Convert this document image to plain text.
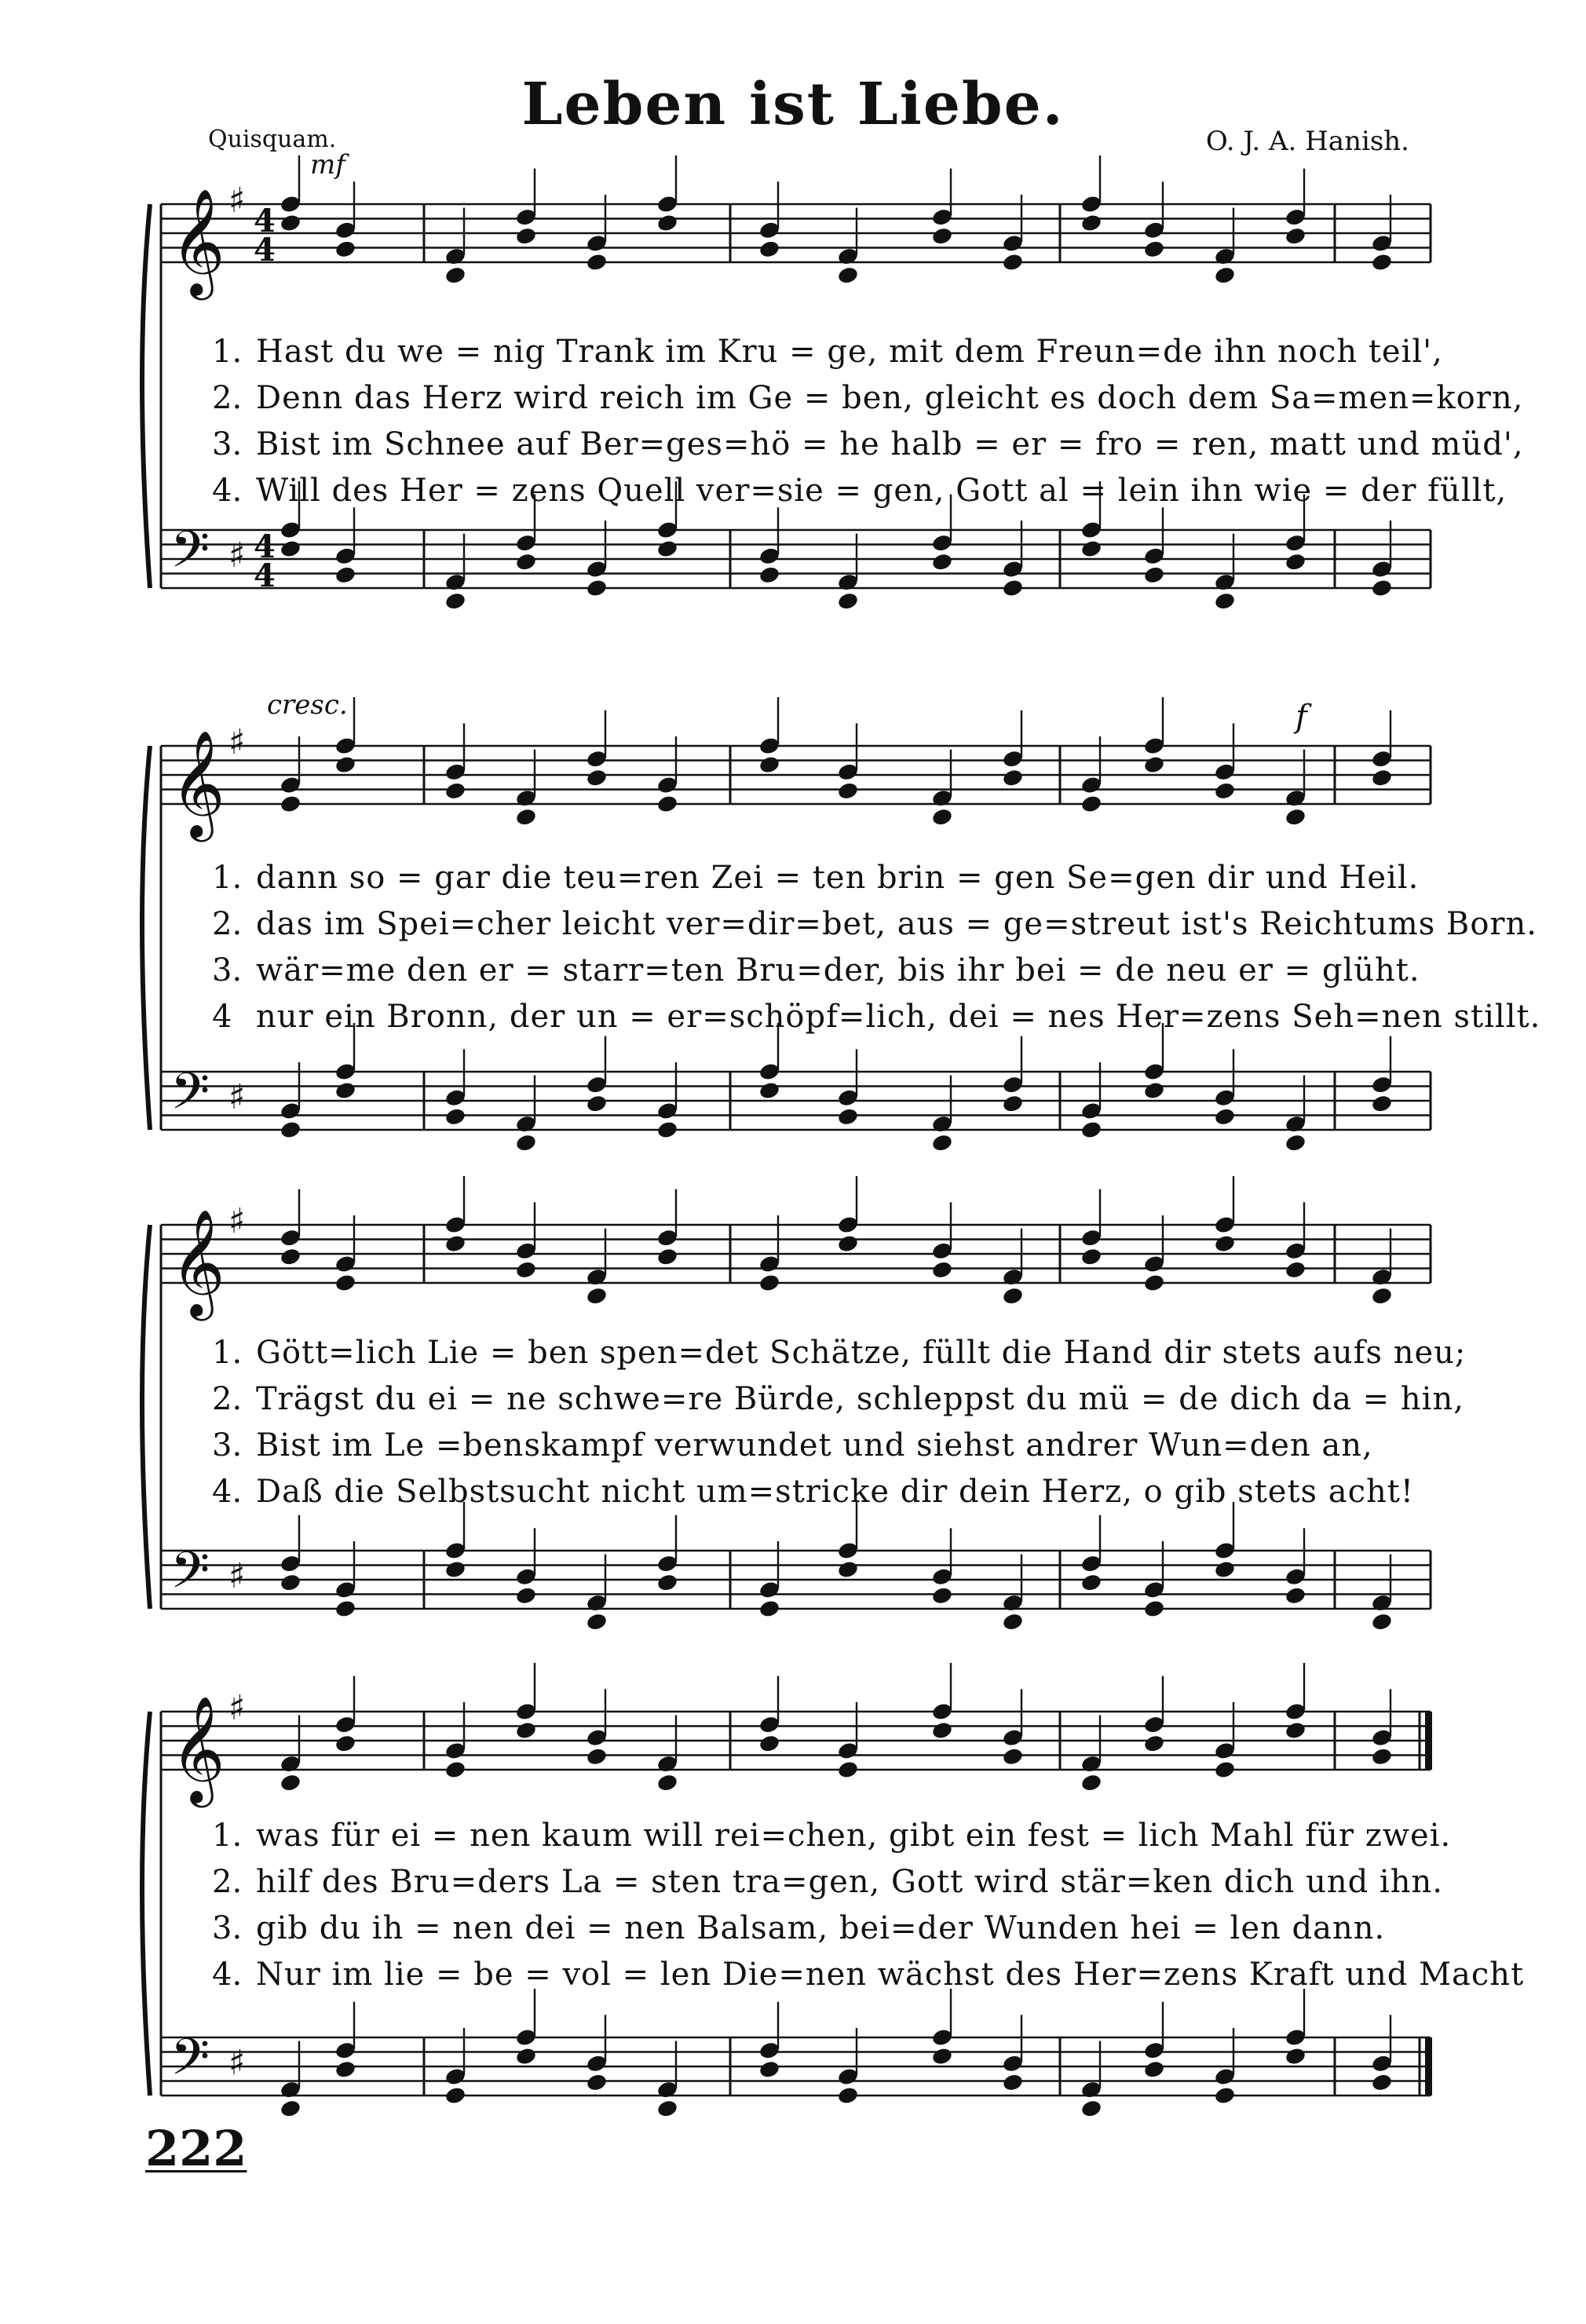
Leben ist Liebe.
Quisquam.	O. J. A. Hanish.
mf
cresc.	f
𝄞 ♯
4
4
𝄢 ♯ 4
4
1. Hast du we = nig Trank im Kru = ge, mit dem Freun=de ihn noch teil',
2. Denn das Herz wird reich im Ge = ben, gleicht es doch dem Sa=men=korn,
3. Bist im Schnee auf Ber=ges=hö = he halb = er = fro = ren, matt und müd',
4. Will des Her = zens Quell ver=sie = gen, Gott al = lein ihn wie = der füllt,
𝄞 ♯
𝄢 ♯
1. dann so = gar die teu=ren Zei = ten brin = gen Se=gen dir und Heil.
2. das im Spei=cher leicht ver=dir=bet, aus = ge=streut ist's Reichtums Born.
3. wär=me den er = starr=ten Bru=der, bis ihr bei = de neu er = glüht.
4 nur ein Bronn, der un = er=schöpf=lich, dei = nes Her=zens Seh=nen stillt.
𝄞 ♯
𝄢 ♯
1. Gött=lich Lie = ben spen=det Schätze, füllt die Hand dir stets aufs neu;
2. Trägst du ei = ne schwe=re Bürde, schleppst du mü = de dich da = hin,
3. Bist im Le =benskampf verwundet und siehst andrer Wun=den an,
4. Daß die Selbstsucht nicht um=stricke dir dein Herz, o gib stets acht!
𝄞 ♯
𝄢 ♯
1. was für ei = nen kaum will rei=chen, gibt ein fest = lich Mahl für zwei.
2. hilf des Bru=ders La = sten tra=gen, Gott wird stär=ken dich und ihn.
3. gib du ih = nen dei = nen Balsam, bei=der Wunden hei = len dann.
4. Nur im lie = be = vol = len Die=nen wächst des Her=zens Kraft und Macht
222
